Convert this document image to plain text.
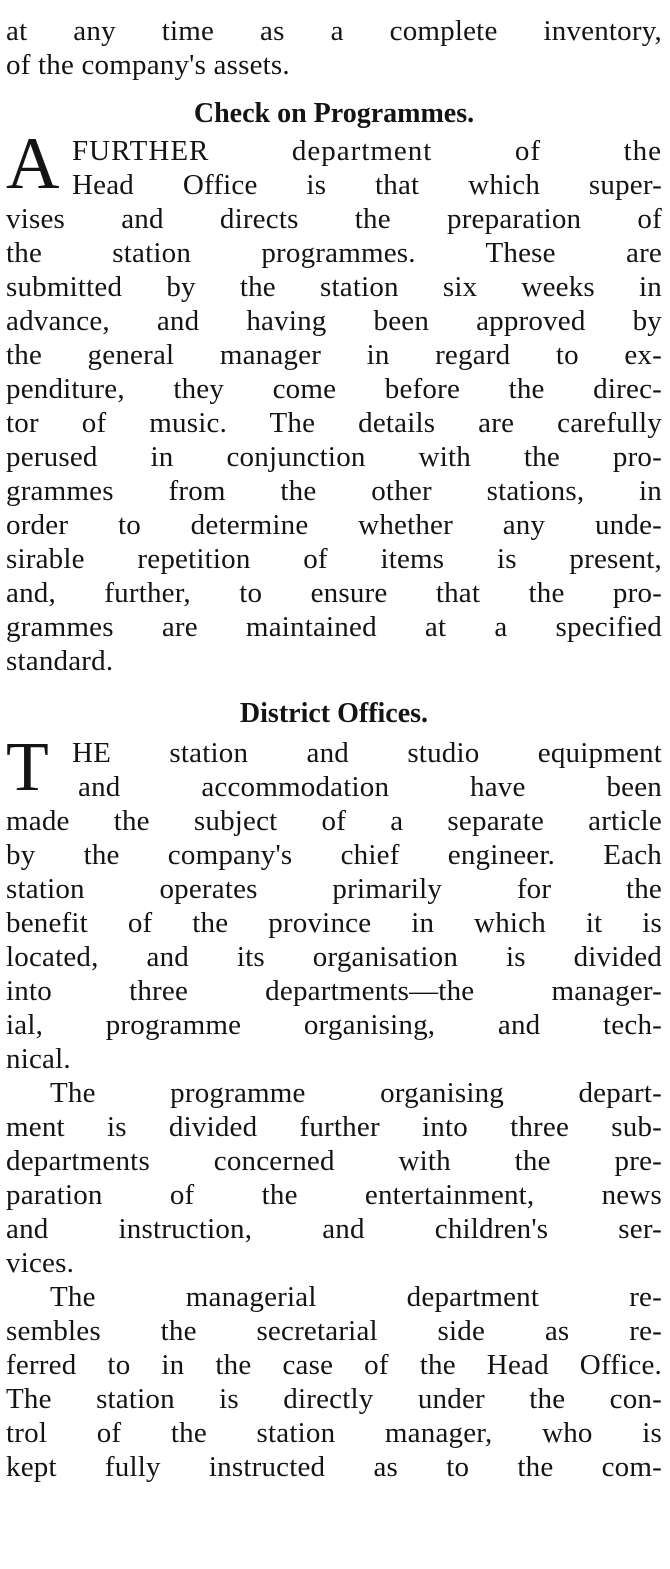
at any time as a complete inventory,
of the company's assets.
Check on Programmes.
A FURTHER department of the
Head Office is that which super-
vises and directs the preparation of
the station programmes. These are
submitted by the station six weeks in
advance, and having been approved by
the general manager in regard to ex-
penditure, they come before the direc-
tor of music. The details are carefully
perused in conjunction with the pro-
grammes from the other stations, in
order to determine whether any unde-
sirable repetition of items is present,
and, further, to ensure that the pro-
grammes are maintained at a specified
standard.
District Offices.
T HE station and studio equipment
and accommodation have been
made the subject of a separate article
by the company's chief engineer. Each
station operates primarily for the
benefit of the province in which it is
located, and its organisation is divided
into three departments—the manager-
ial, programme organising, and tech-
nical.
The programme organising depart-
ment is divided further into three sub-
departments concerned with the pre-
paration of the entertainment, news
and instruction, and children's ser-
vices.
The managerial department re-
sembles the secretarial side as re-
ferred to in the case of the Head Office.
The station is directly under the con-
trol of the station manager, who is
kept fully instructed as to the com-
